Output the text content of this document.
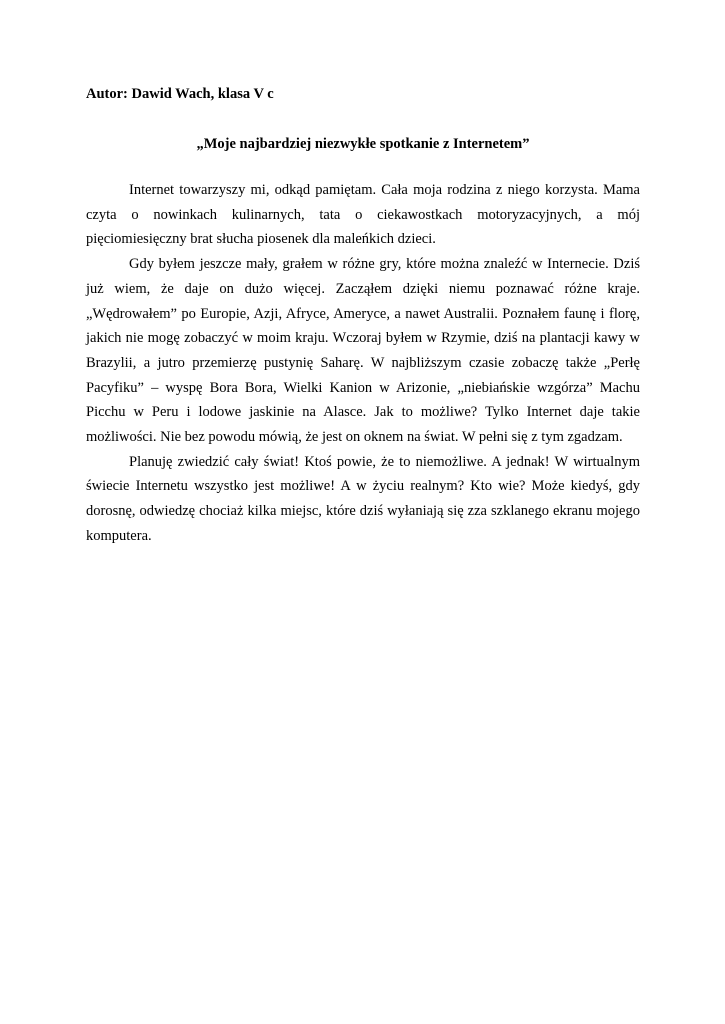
Autor: Dawid Wach, klasa V c

„Moje najbardziej niezwykłe spotkanie z Internetem”

Internet towarzyszy mi, odkąd pamiętam. Cała moja rodzina z niego korzysta. Mama czyta o nowinkach kulinarnych, tata o ciekawostkach motoryzacyjnych, a mój pięciomiesięczny brat słucha piosenek dla maleńkich dzieci.

Gdy byłem jeszcze mały, grałem w różne gry, które można znaleźć w Internecie. Dziś już wiem, że daje on dużo więcej. Zacząłem dzięki niemu poznawać różne kraje. „Wędrowałem” po Europie, Azji, Afryce, Ameryce, a nawet Australii. Poznałem faunę i florę, jakich nie mogę zobaczyć w moim kraju. Wczoraj byłem w Rzymie, dziś na plantacji kawy w Brazylii, a jutro przemierzę pustynię Saharę. W najbliższym czasie zobaczę także „Perłę Pacyfiku” – wyspę Bora Bora, Wielki Kanion w Arizonie, „niebiańskie wzgórza” Machu Picchu w Peru i lodowe jaskinie na Alasce. Jak to możliwe? Tylko Internet daje takie możliwości. Nie bez powodu mówią, że jest on oknem na świat. W pełni się z tym zgadzam.

Planuję zwiedzić cały świat! Ktoś powie, że to niemożliwe. A jednak! W wirtualnym świecie Internetu wszystko jest możliwe! A w życiu realnym? Kto wie? Może kiedyś, gdy dorosnę, odwiedzę chociaż kilka miejsc, które dziś wyłaniają się zza szklanego ekranu mojego komputera.
